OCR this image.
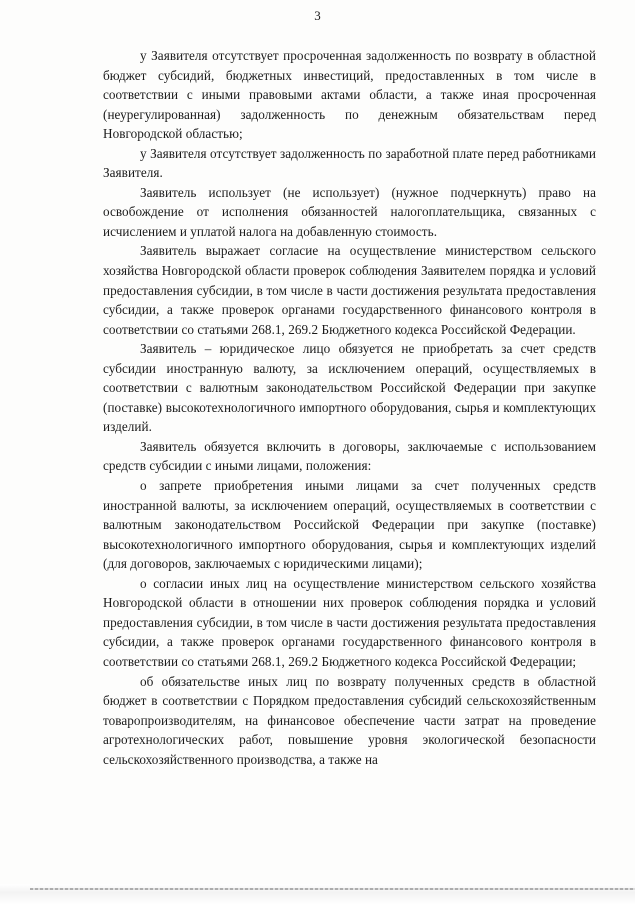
3

у Заявителя отсутствует просроченная задолженность по возврату в областной бюджет субсидий, бюджетных инвестиций, предоставленных в том числе в соответствии с иными правовыми актами области, а также иная просроченная (неурегулированная) задолженность по денежным обязательствам перед Новгородской областью;

у Заявителя отсутствует задолженность по заработной плате перед работниками Заявителя.

Заявитель использует (не использует) (нужное подчеркнуть) право на освобождение от исполнения обязанностей налогоплательщика, связанных с исчислением и уплатой налога на добавленную стоимость.

Заявитель выражает согласие на осуществление министерством сельского хозяйства Новгородской области проверок соблюдения Заявителем порядка и условий предоставления субсидии, в том числе в части достижения результата предоставления субсидии, а также проверок органами государственного финансового контроля в соответствии со статьями 268.1, 269.2 Бюджетного кодекса Российской Федерации.

Заявитель – юридическое лицо обязуется не приобретать за счет средств субсидии иностранную валюту, за исключением операций, осуществляемых в соответствии с валютным законодательством Российской Федерации при закупке (поставке) высокотехнологичного импортного оборудования, сырья и комплектующих изделий.

Заявитель обязуется включить в договоры, заключаемые с использованием средств субсидии с иными лицами, положения:

о запрете приобретения иными лицами за счет полученных средств иностранной валюты, за исключением операций, осуществляемых в соответствии с валютным законодательством Российской Федерации при закупке (поставке) высокотехнологичного импортного оборудования, сырья и комплектующих изделий (для договоров, заключаемых с юридическими лицами);

о согласии иных лиц на осуществление министерством сельского хозяйства Новгородской области в отношении них проверок соблюдения порядка и условий предоставления субсидии, в том числе в части достижения результата предоставления субсидии, а также проверок органами государственного финансового контроля в соответствии со статьями 268.1, 269.2 Бюджетного кодекса Российской Федерации;

об обязательстве иных лиц по возврату полученных средств в областной бюджет в соответствии с Порядком предоставления субсидий сельскохозяйственным товаропроизводителям, на финансовое обеспечение части затрат на проведение агротехнологических работ, повышение уровня экологической безопасности сельскохозяйственного производства, а также на
